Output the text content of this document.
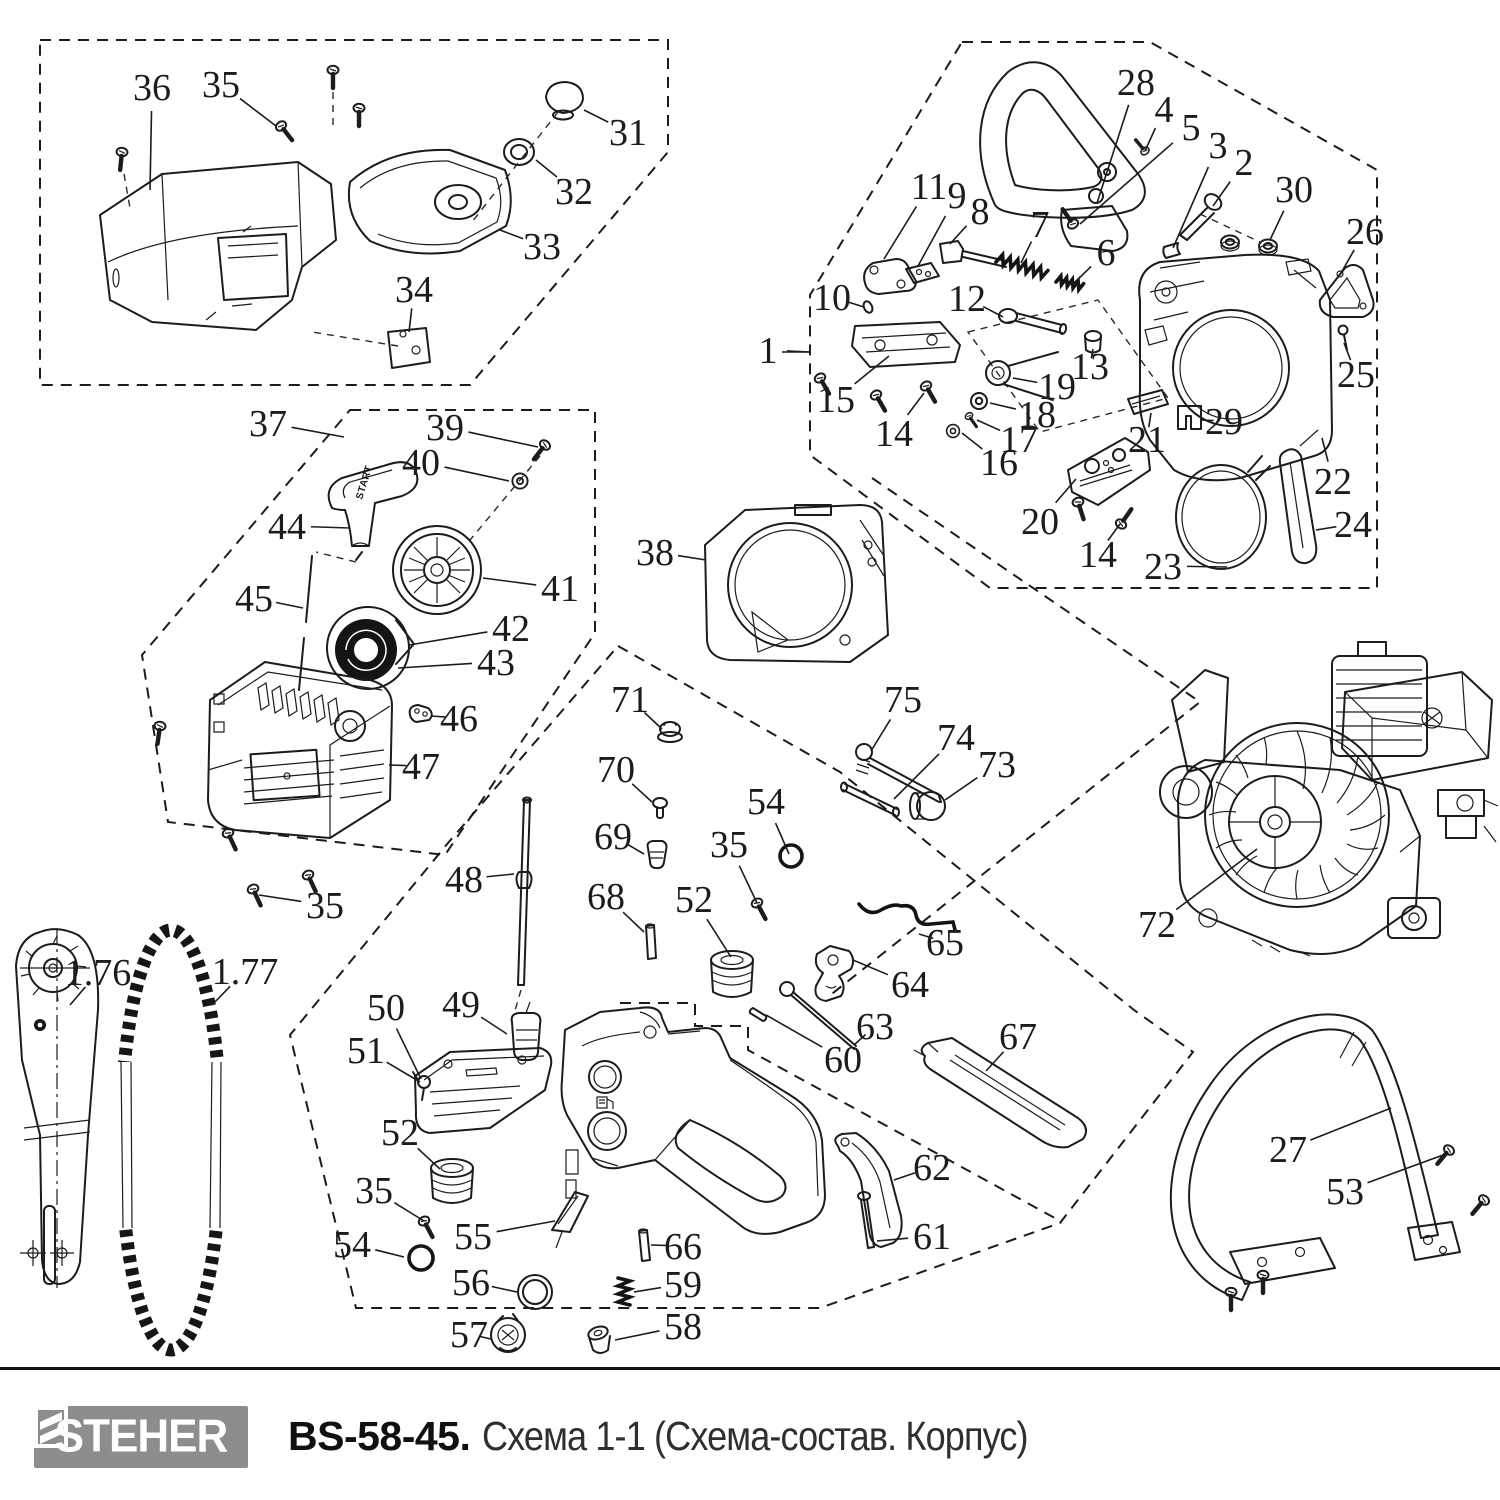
START
36 35
31
32
33
34
28
4 5 3 2
30
26
11 9 8 7
6
10	12
1
15
14
13
19
18
17
16
20
21 29
14 23
22
25
24
37	39
40
44
45	41
42
43
46
47
35
38
71
70
69
68
48
49
50
51
52
35
54
75
74
73
65
64
63
60
67
62
61
52
35
54 55
56
57
66
59
58
72
27
53
1.76 1.77
STEHER BS-58-45. Схема 1-1 (Схема-состав. Корпус)
